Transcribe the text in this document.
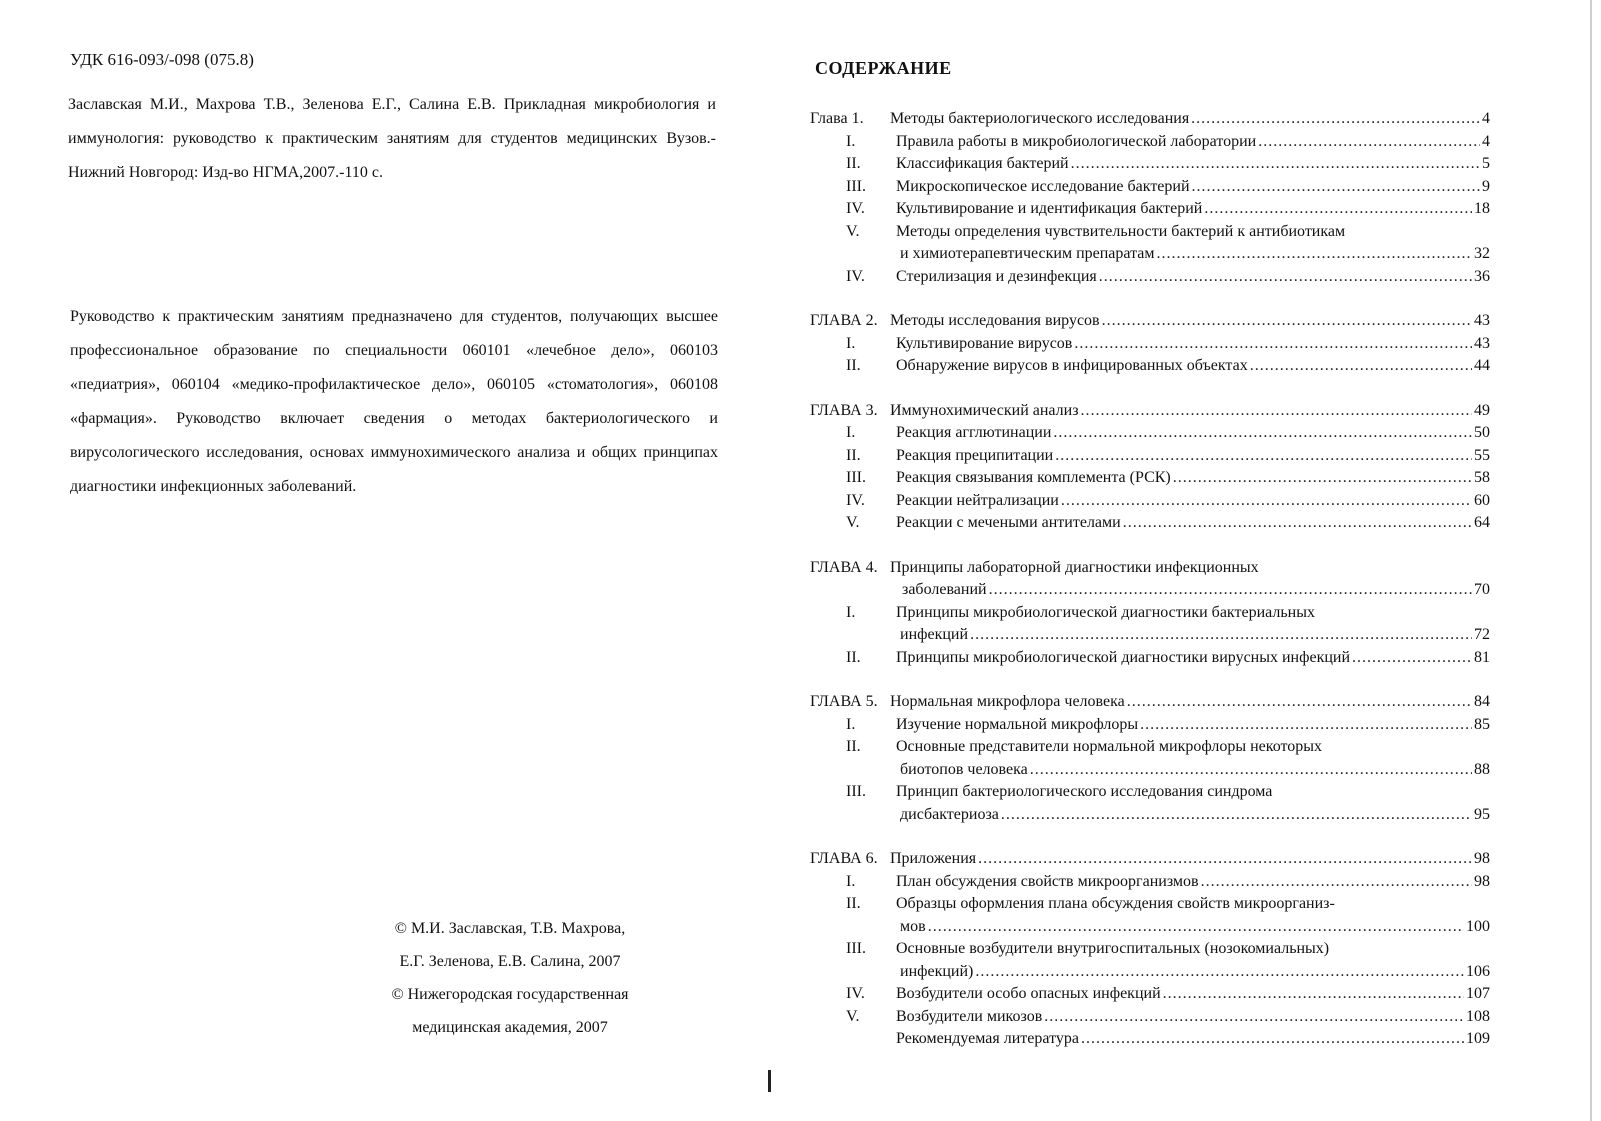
УДК 616-093/-098 (075.8)
Заславская М.И., Махрова Т.В., Зеленова Е.Г., Салина Е.В. Прикладная микробиология и иммунология: руководство к практическим занятиям для студентов медицинских Вузов.-Нижний Новгород: Изд-во НГМА,2007.-110 с.
Руководство к практическим занятиям предназначено для студентов, получающих высшее профессиональное образование по специальности 060101 «лечебное дело», 060103 «педиатрия», 060104 «медико-профилактическое дело», 060105 «стоматология», 060108 «фармация». Руководство включает сведения о методах бактериологического и вирусологического исследования, основах иммунохимического анализа и общих принципах диагностики инфекционных заболеваний.
© М.И. Заславская, Т.В. Махрова,
Е.Г. Зеленова, Е.В. Салина, 2007
© Нижегородская государственная
медицинская академия, 2007
СОДЕРЖАНИЕ
Глава 1.	Методы бактериологического исследования .....	4
I.	Правила работы в микробиологической лаборатории .....	4
II.	Классификация бактерий .....	5
III.	Микроскопическое исследование бактерий .....	9
IV.	Культивирование и идентификация бактерий .....	18
V.	Методы определения чувствительности бактерий к антибиотикам
и химиотерапевтическим препаратам .....	32
IV.	Стерилизация и дезинфекция .....	36
ГЛАВА 2. Методы исследования вирусов .....	43
I.	Культивирование вирусов .....	43
II.	Обнаружение вирусов в инфицированных объектах .....	44
ГЛАВА 3. Иммунохимический анализ .....	49
I.	Реакция агглютинации .....	50
II.	Реакция преципитации .....	55
III.	Реакция связывания комплемента (РСК) .....	58
IV.	Реакции нейтрализации .....	60
V.	Реакции с мечеными антителами .....	64
ГЛАВА 4. Принципы лабораторной диагностики инфекционных
заболеваний .....	70
I.	Принципы микробиологической диагностики бактериальных
инфекций .....	72
II.	Принципы микробиологической диагностики вирусных инфекций .....	81
ГЛАВА 5. Нормальная микрофлора человека .....	84
I.	Изучение нормальной микрофлоры .....	85
II.	Основные представители нормальной микрофлоры некоторых
биотопов человека .....	88
III.	Принцип бактериологического исследования синдрома
дисбактериоза .....	95
ГЛАВА 6. Приложения .....	98
I.	План обсуждения свойств микроорганизмов .....	98
II.	Образцы оформления плана обсуждения свойств микроорганиз-
мов .....	100
III.	Основные возбудители внутригоспитальных (нозокомиальных)
инфекций) .....	106
IV.	Возбудители особо опасных инфекций .....	107
V.	Возбудители микозов .....	108
Рекомендуемая литература .....	109
